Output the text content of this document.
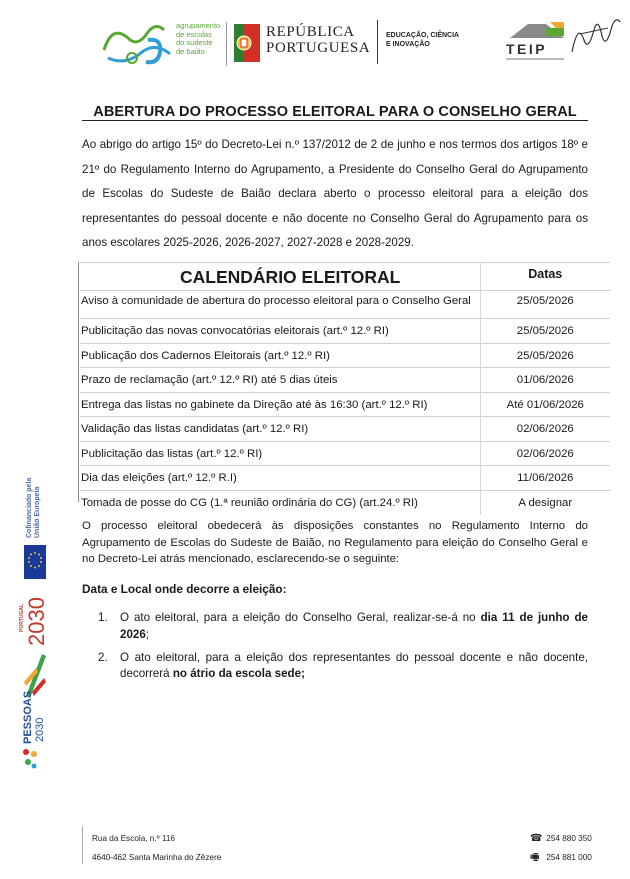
agrupamento
de escolas
do sudeste
de baião
REPÚBLICA
PORTUGUESA
EDUCAÇÃO, CIÊNCIA
E INOVAÇÃO	TEIP
ABERTURA DO PROCESSO ELEITORAL PARA O CONSELHO GERAL

Ao abrigo do artigo 15º do Decreto-Lei n.º 137/2012 de 2 de junho e nos termos dos artigos 18º e 21º do Regulamento Interno do Agrupamento, a Presidente do Conselho Geral do Agrupamento de Escolas do Sudeste de Baião declara aberto o processo eleitoral para a eleição dos representantes do pessoal docente e não docente no Conselho Geral do Agrupamento para os anos escolares 2025-2026, 2026-2027, 2027-2028 e 2028-2029.

CALENDÁRIO ELEITORAL	Datas
Aviso à comunidade de abertura do processo eleitoral para o Conselho Geral	25/05/2026
Publicitação das novas convocatórias eleitorais (art.º 12.º RI)	25/05/2026
Publicação dos Cadernos Eleitorais (art.º 12.º RI)	25/05/2026
Prazo de reclamação (art.º 12.º RI) até 5 dias úteis	01/06/2026
Entrega das listas no gabinete da Direção até às 16:30 (art.º 12.º RI)	Até 01/06/2026
Validação das listas candidatas (art.º 12.º RI)	02/06/2026
Publicitação das listas (art.º 12.º RI)	02/06/2026
Dia das eleições (art.º 12.º R.I)	11/06/2026
Tomada de posse do CG (1.ª reunião ordinária do CG) (art.24.º RI)	A designar

O processo eleitoral obedecerá às disposições constantes no Regulamento Interno do Agrupamento de Escolas do Sudeste de Baião, no Regulamento para eleição do Conselho Geral e no Decreto-Lei atrás mencionado, esclarecendo-se o seguinte:

Data e Local onde decorre a eleição:
1. O ato eleitoral, para a eleição do Conselho Geral, realizar-se-á no dia 11 de junho de 2026;
2. O ato eleitoral, para a eleição dos representantes do pessoal docente e não docente, decorrerá no átrio da escola sede;
Cofinanciado pela União Europeia
PORTUGAL 2030
PESSOAS 2030
Rua da Escola, n.º 116
4640-462 Santa Marinha do Zêzere
☎ 254 880 350
🖷 254 881 000
